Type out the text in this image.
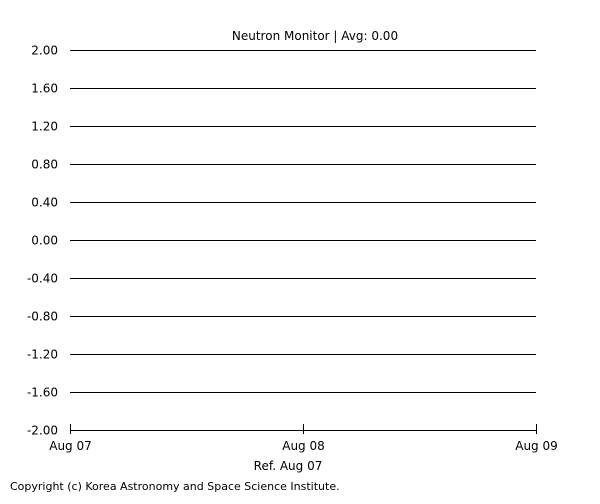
2.00
1.60
1.20
0.80
0.40
0.00
-0.40
-0.80
-1.20
-1.60
-2.00
Aug 07	Aug 08	Aug 09
Neutron Monitor | Avg: 0.00
Ref. Aug 07
Copyright (c) Korea Astronomy and Space Science Institute.
